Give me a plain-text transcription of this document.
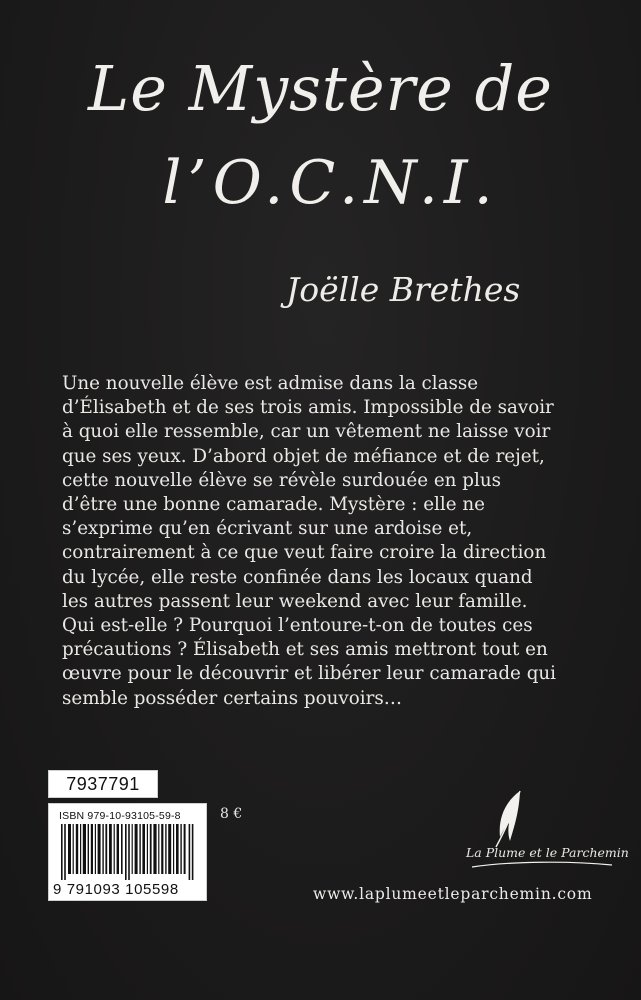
Le Mystère de
l’O.C.N.I.
Joëlle Brethes
Une nouvelle élève est admise dans la classe
d’Élisabeth et de ses trois amis. Impossible de savoir
à quoi elle ressemble, car un vêtement ne laisse voir
que ses yeux. D’abord objet de méfiance et de rejet,
cette nouvelle élève se révèle surdouée en plus
d’être une bonne camarade. Mystère : elle ne
s’exprime qu’en écrivant sur une ardoise et,
contrairement à ce que veut faire croire la direction
du lycée, elle reste confinée dans les locaux quand
les autres passent leur weekend avec leur famille.
Qui est-elle ? Pourquoi l’entoure-t-on de toutes ces
précautions ? Élisabeth et ses amis mettront tout en
œuvre pour le découvrir et libérer leur camarade qui
semble posséder certains pouvoirs…
7937791
ISBN 979-10-93105-59-8
9 791093 105598
8 €
La Plume et le Parchemin
www.laplumeetleparchemin.com
